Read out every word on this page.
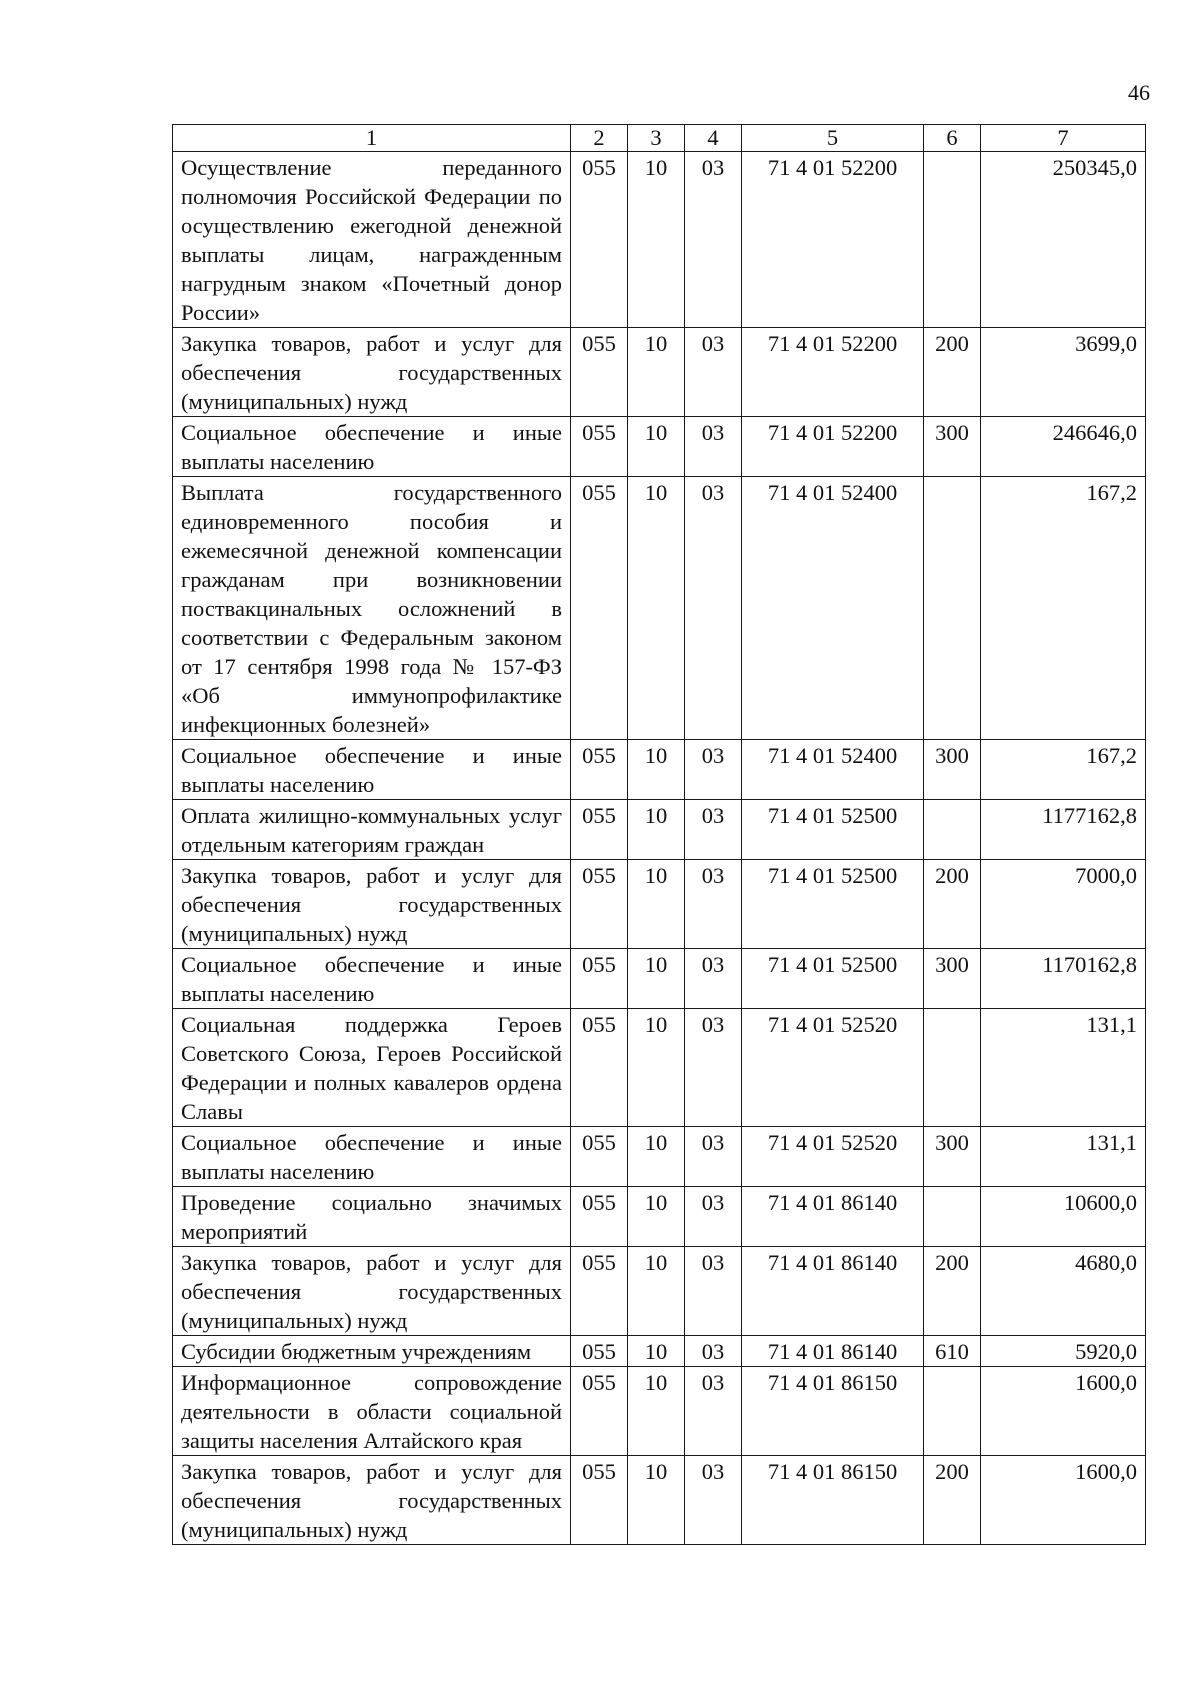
46
1	2	3	4	5	6	7
Осуществление переданного полномочия Российской Федерации по осуществлению ежегодной денежной выплаты лицам, награжденным нагрудным знаком «Почетный донор России»	055	10	03	71 4 01 52200		250345,0
Закупка товаров, работ и услуг для обеспечения государственных (муниципальных) нужд	055	10	03	71 4 01 52200	200	3699,0
Социальное обеспечение и иные выплаты населению	055	10	03	71 4 01 52200	300	246646,0
Выплата государственного единовременного пособия и ежемесячной денежной компенсации гражданам при возникновении поствакцинальных осложнений в соответствии с Федеральным законом от 17 сентября 1998 года № 157-ФЗ «Об иммунопрофилактике инфекционных болезней»	055	10	03	71 4 01 52400		167,2
Социальное обеспечение и иные выплаты населению	055	10	03	71 4 01 52400	300	167,2
Оплата жилищно-коммунальных услуг отдельным категориям граждан	055	10	03	71 4 01 52500		1177162,8
Закупка товаров, работ и услуг для обеспечения государственных (муниципальных) нужд	055	10	03	71 4 01 52500	200	7000,0
Социальное обеспечение и иные выплаты населению	055	10	03	71 4 01 52500	300	1170162,8
Социальная поддержка Героев Советского Союза, Героев Российской Федерации и полных кавалеров ордена Славы	055	10	03	71 4 01 52520		131,1
Социальное обеспечение и иные выплаты населению	055	10	03	71 4 01 52520	300	131,1
Проведение социально значимых мероприятий	055	10	03	71 4 01 86140		10600,0
Закупка товаров, работ и услуг для обеспечения государственных (муниципальных) нужд	055	10	03	71 4 01 86140	200	4680,0
Субсидии бюджетным учреждениям	055	10	03	71 4 01 86140	610	5920,0
Информационное сопровождение деятельности в области социальной защиты населения Алтайского края	055	10	03	71 4 01 86150		1600,0
Закупка товаров, работ и услуг для обеспечения государственных (муниципальных) нужд	055	10	03	71 4 01 86150	200	1600,0
